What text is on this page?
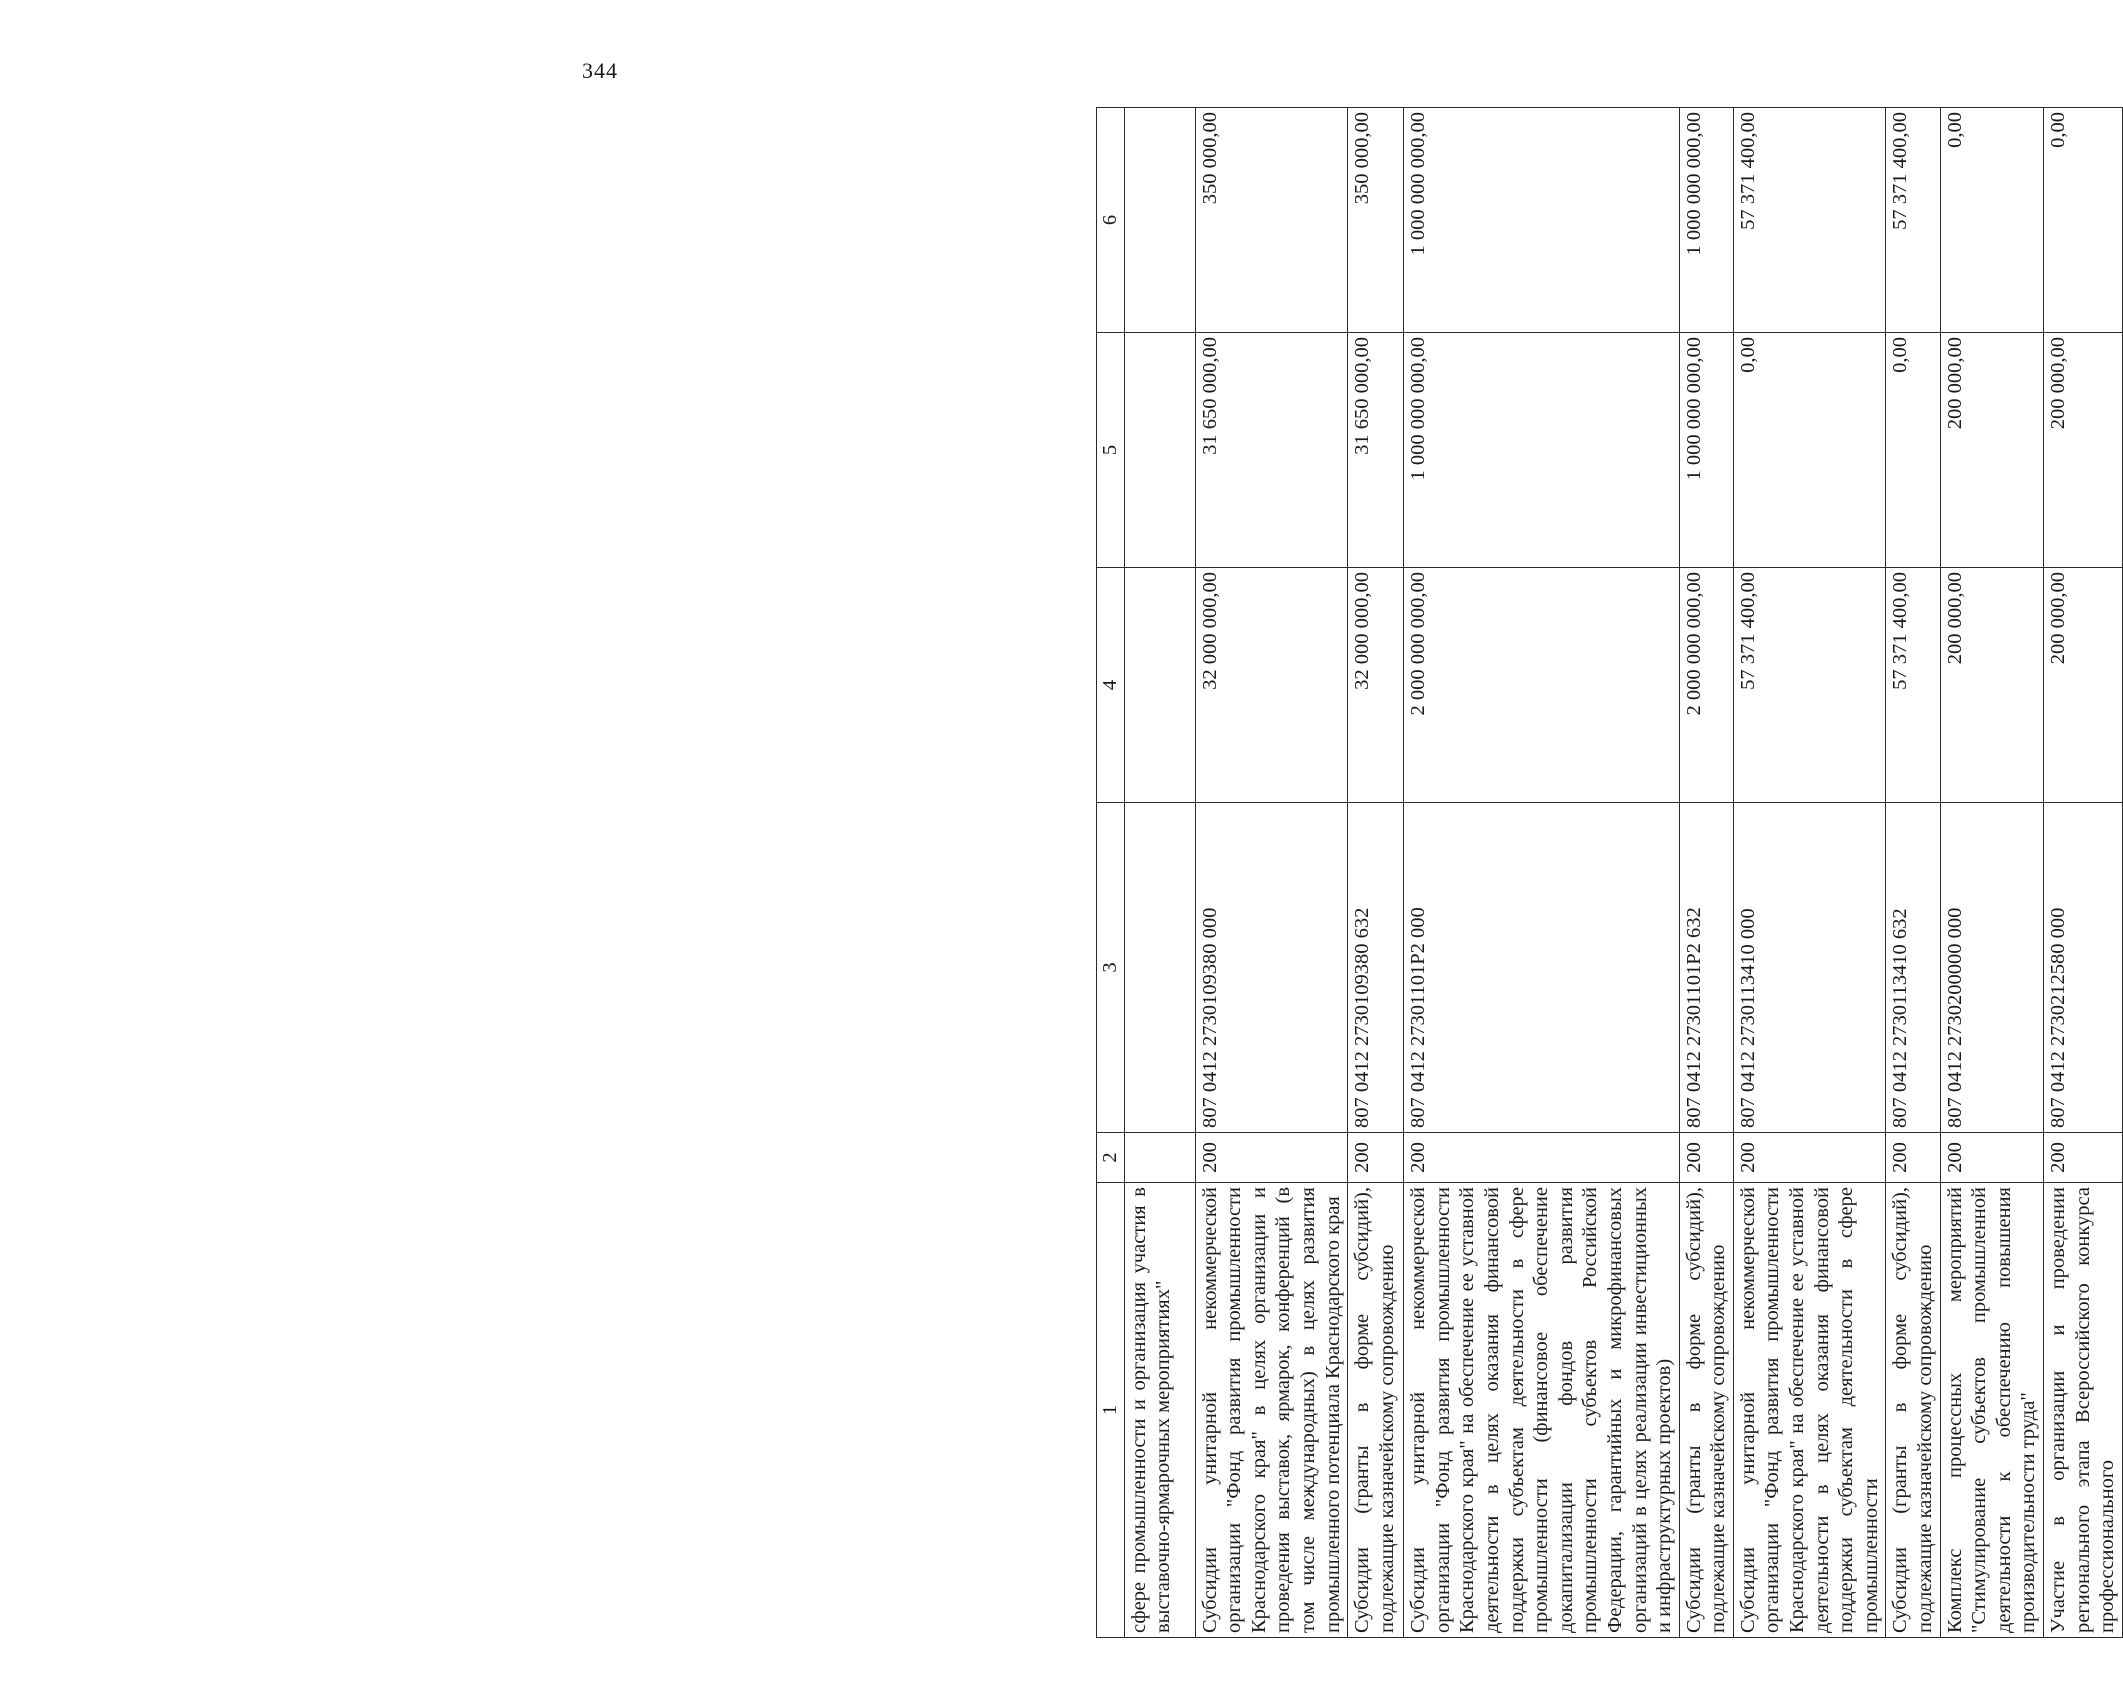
344
1	2	3	4	5	6
сфере промышленности и организация участия в выставочно-ярмарочных мероприятиях"					
Субсидии унитарной некоммерческой организации "Фонд развития промышленности Краснодарского края" в целях организации и проведения выставок, ярмарок, конференций (в том числе международных) в целях развития промышленного потенциала Краснодарского края	200	807 0412 2730109380 000	32 000 000,00	31 650 000,00	350 000,00
Субсидии (гранты в форме субсидий), подлежащие казначейскому сопровождению	200	807 0412 2730109380 632	32 000 000,00	31 650 000,00	350 000,00
Субсидии унитарной некоммерческой организации "Фонд развития промышленности Краснодарского края" на обеспечение ее уставной деятельности в целях оказания финансовой поддержки субъектам деятельности в сфере промышленности (финансовое обеспечение докапитализации фондов развития промышленности субъектов Российской Федерации, гарантийных и микрофинансовых организаций в целях реализации инвестиционных и инфраструктурных проектов)	200	807 0412 27301101P2 000	2 000 000 000,00	1 000 000 000,00	1 000 000 000,00
Субсидии (гранты в форме субсидий), подлежащие казначейскому сопровождению	200	807 0412 27301101P2 632	2 000 000 000,00	1 000 000 000,00	1 000 000 000,00
Субсидии унитарной некоммерческой организации "Фонд развития промышленности Краснодарского края" на обеспечение ее уставной деятельности в целях оказания финансовой поддержки субъектам деятельности в сфере промышленности	200	807 0412 2730113410 000	57 371 400,00	0,00	57 371 400,00
Субсидии (гранты в форме субсидий), подлежащие казначейскому сопровождению	200	807 0412 2730113410 632	57 371 400,00	0,00	57 371 400,00
Комплекс процессных мероприятий "Стимулирование субъектов промышленной деятельности к обеспечению повышения производительности труда"	200	807 0412 2730200000 000	200 000,00	200 000,00	0,00
Участие в организации и проведении регионального этапа Всероссийского конкурса профессионального	200	807 0412 2730212580 000	200 000,00	200 000,00	0,00
